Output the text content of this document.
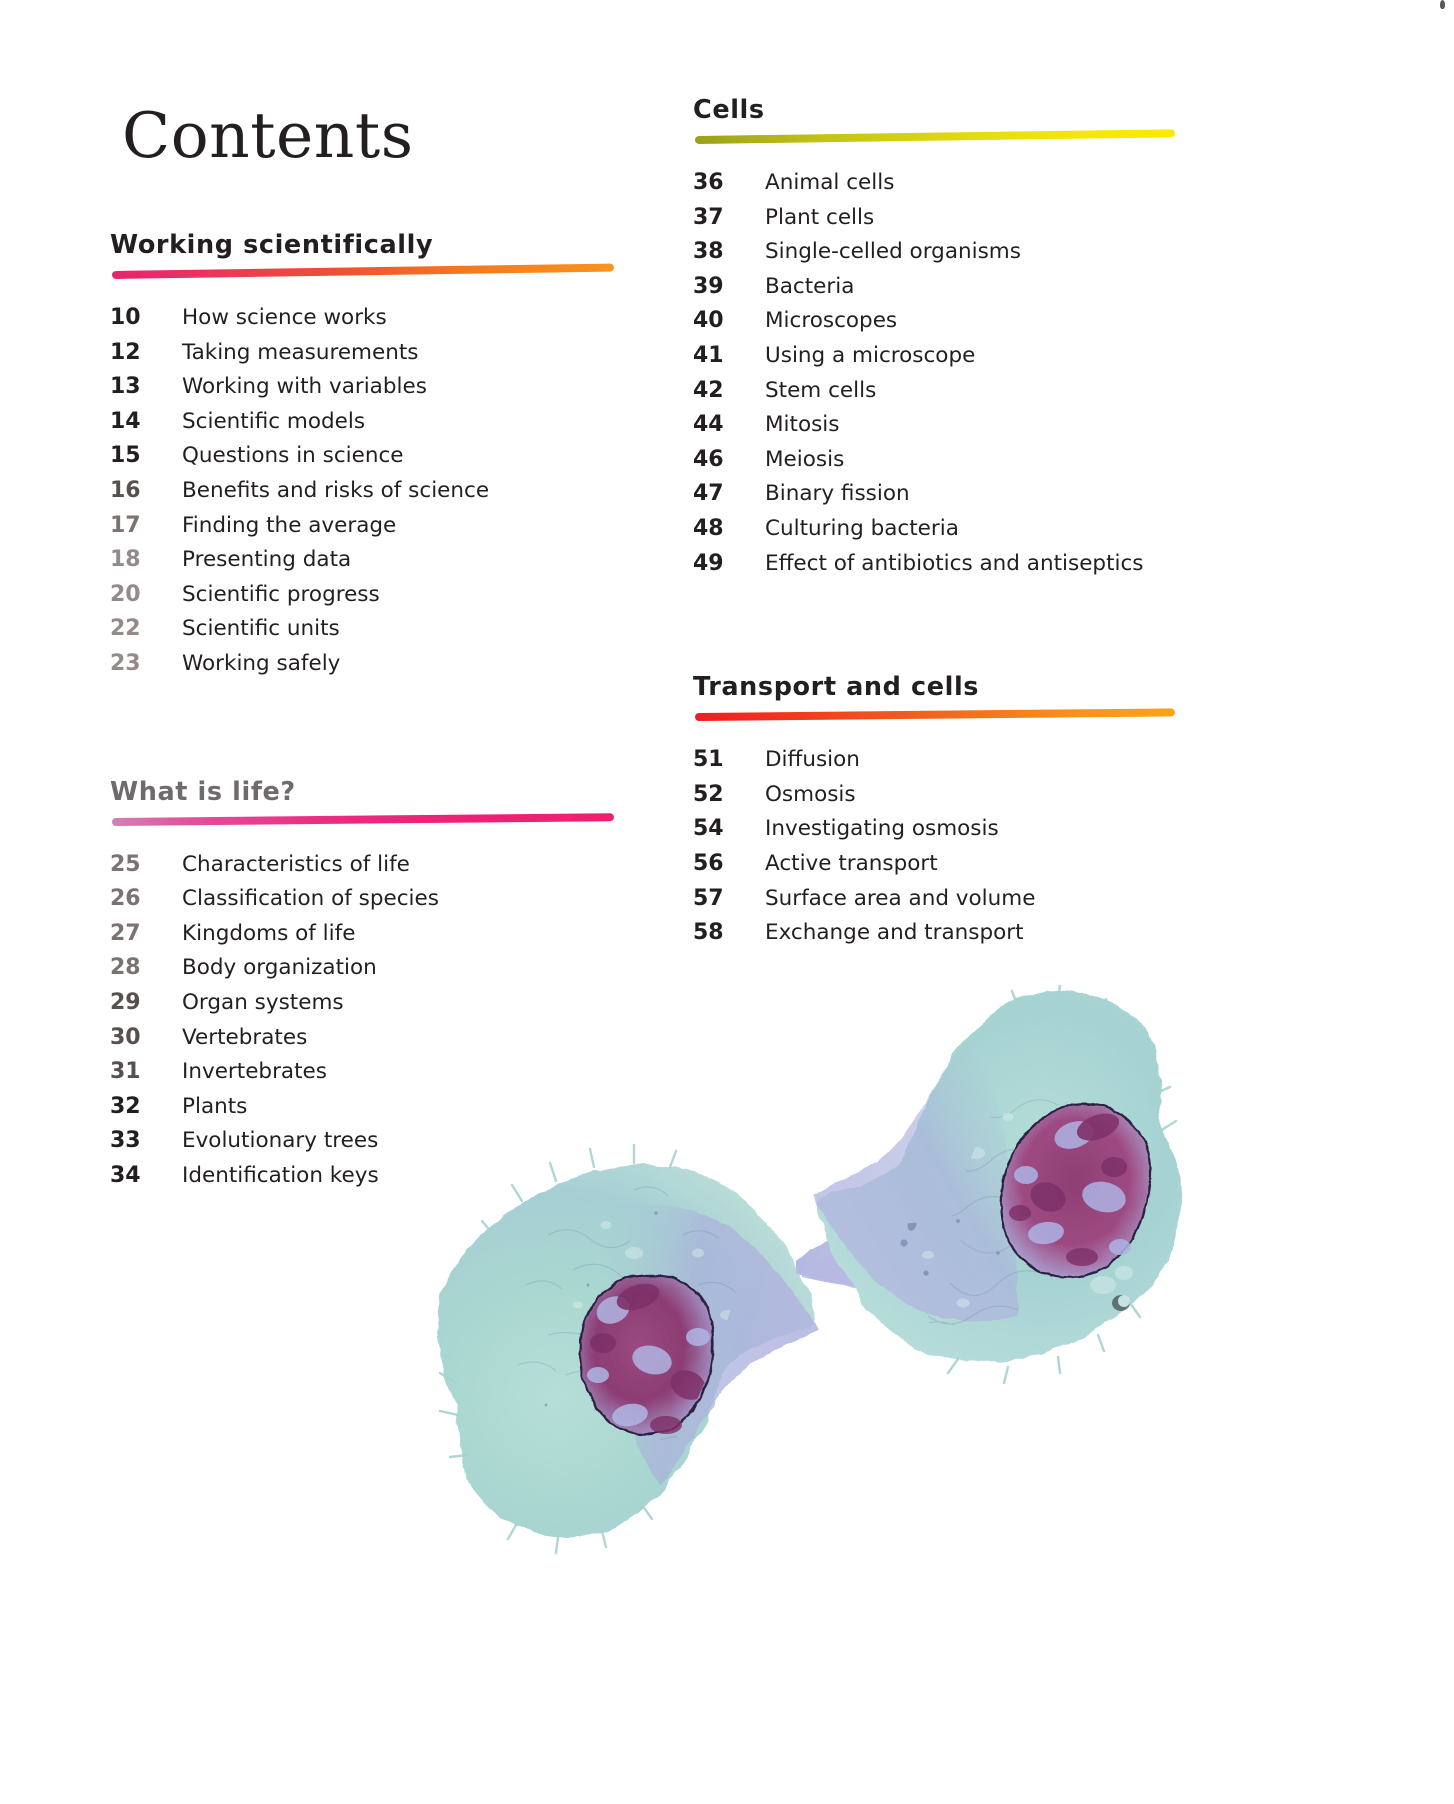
Contents
Working scientifically
10	How science works
12	Taking measurements
13	Working with variables
14	Scientific models
15	Questions in science
16	Benefits and risks of science
17	Finding the average
18	Presenting data
20	Scientific progress
22	Scientific units
23	Working safely
What is life?
25	Characteristics of life
26	Classification of species
27	Kingdoms of life
28	Body organization
29	Organ systems
30	Vertebrates
31	Invertebrates
32	Plants
33	Evolutionary trees
34	Identification keys
Cells
36	Animal cells
37	Plant cells
38	Single-celled organisms
39	Bacteria
40	Microscopes
41	Using a microscope
42	Stem cells
44	Mitosis
46	Meiosis
47	Binary fission
48	Culturing bacteria
49	Effect of antibiotics and antiseptics
Transport and cells
51	Diffusion
52	Osmosis
54	Investigating osmosis
56	Active transport
57	Surface area and volume
58	Exchange and transport
